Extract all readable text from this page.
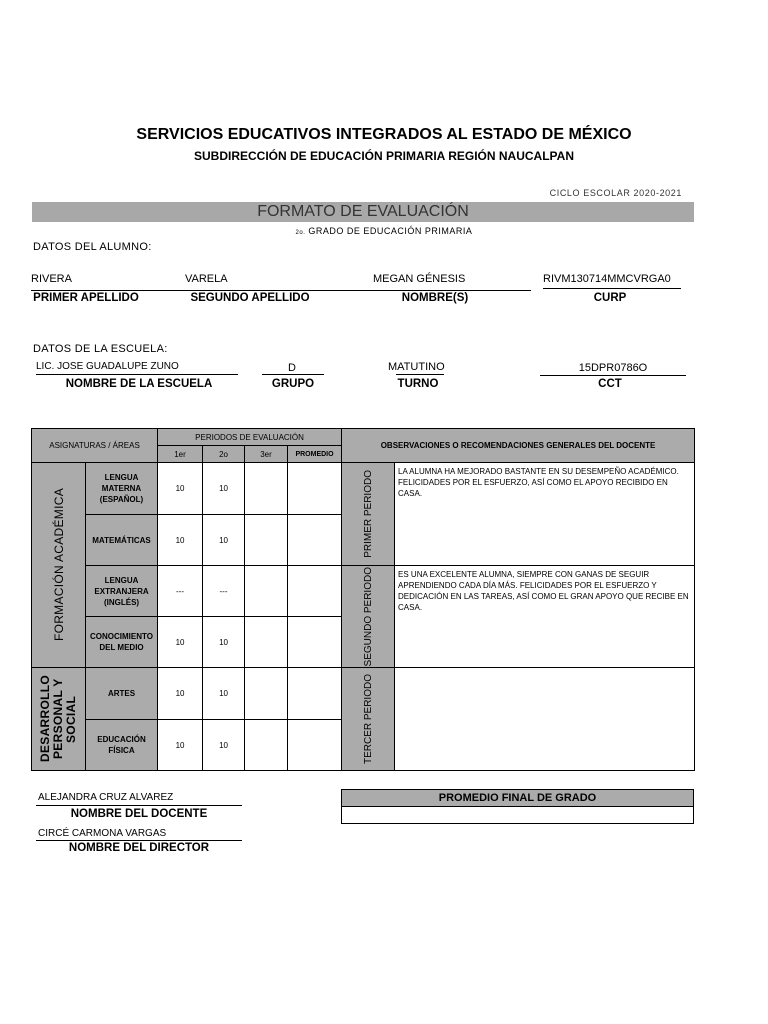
SERVICIOS EDUCATIVOS INTEGRADOS AL ESTADO DE MÉXICO
SUBDIRECCIÓN DE EDUCACIÓN PRIMARIA REGIÓN NAUCALPAN
CICLO ESCOLAR 2020-2021
FORMATO DE EVALUACIÓN
2o. GRADO DE EDUCACIÓN PRIMARIA
DATOS DEL ALUMNO:
RIVERA	VARELA	MEGAN GÉNESIS	RIVM130714MMCVRGA0
PRIMER APELLIDO	SEGUNDO APELLIDO	NOMBRE(S)	CURP
DATOS DE LA ESCUELA:
LIC. JOSE GUADALUPE ZUNO	D	MATUTINO	15DPR0786O
NOMBRE DE LA ESCUELA	GRUPO	TURNO	CCT
ASIGNATURAS / ÁREAS		PERIODOS DE EVALUACIÓN				OBSERVACIONES O RECOMENDACIONES GENERALES DEL DOCENTE	
		1er	2o	3er	PROMEDIO		

FORMACIÓN ACADÉMICA	LENGUA MATERNA (ESPAÑOL)	10	10			PRIMER PERIODO	LA ALUMNA HA MEJORADO BASTANTE EN SU DESEMPEÑO ACADÉMICO. FELICIDADES POR EL ESFUERZO, ASÍ COMO EL APOYO RECIBIDO EN CASA.
	MATEMÁTICAS	10	10				
	LENGUA EXTRANJERA (INGLÉS)	---	---			SEGUNDO PERIODO	ES UNA EXCELENTE ALUMNA, SIEMPRE CON GANAS DE SEGUIR APRENDIENDO CADA DÍA MÁS. FELICIDADES POR EL ESFUERZO Y DEDICACIÓN EN LAS TAREAS, ASÍ COMO EL GRAN APOYO QUE RECIBE EN CASA.
	CONOCIMIENTO DEL MEDIO	10	10				

DESARROLLO PERSONAL Y SOCIAL	ARTES	10	10			TERCER PERIODO	

	EDUCACIÓN FÍSICA	10	10				
ALEJANDRA CRUZ ALVAREZ
NOMBRE DEL DOCENTE
CIRCÉ CARMONA VARGAS
NOMBRE DEL DIRECTOR
PROMEDIO FINAL DE GRADO
